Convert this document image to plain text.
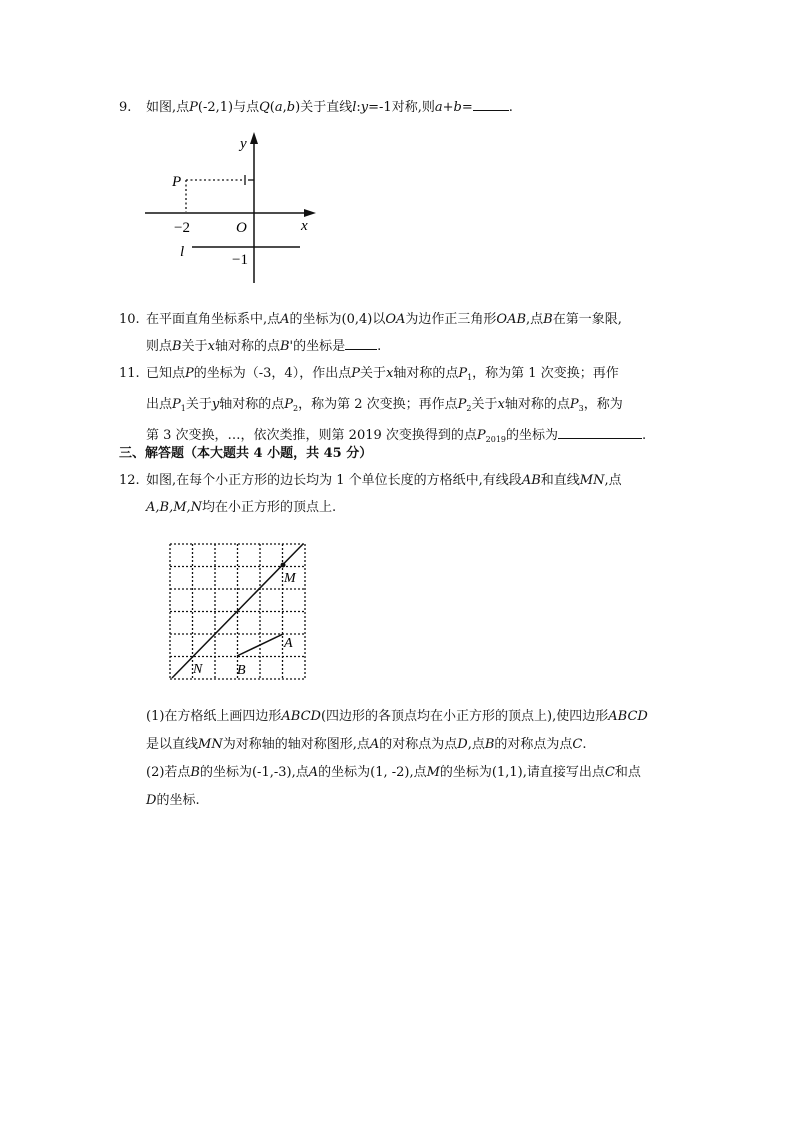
9. 如图,点P(-2,1)与点Q(a,b)关于直线l:y=-1对称,则a+b=	.
y
x
P
−2	O
l	−1
10. 在平面直角坐标系中,点A的坐标为(0,4)以OA为边作正三角形OAB,点B在第一象限,
则点B关于x轴对称的点B'的坐标是 .
11. 已知点P的坐标为（-3，4），作出点P关于x轴对称的点$P_1$，称为第 1 次变换；再作
出点$P_1$关于y轴对称的点$P_2$，称为第 2 次变换；再作点$P_2$关于x轴对称的点$P_3$，称为
第 3 次变换，…，依次类推，则第 2019 次变换得到的点$P_{2019}$的坐标为	.
三、解答题（本大题共 4 小题，共 45 分）
12. 如图,在每个小正方形的边长均为 1 个单位长度的方格纸中,有线段AB和直线MN,点
A,B,M,N均在小正方形的顶点上.
M
A
N B
(1)在方格纸上画四边形ABCD(四边形的各顶点均在小正方形的顶点上),使四边形ABCD
是以直线MN为对称轴的轴对称图形,点A的对称点为点D,点B的对称点为点C.
(2)若点B的坐标为(-1,-3),点A的坐标为(1, -2),点M的坐标为(1,1),请直接写出点C和点
D的坐标.
